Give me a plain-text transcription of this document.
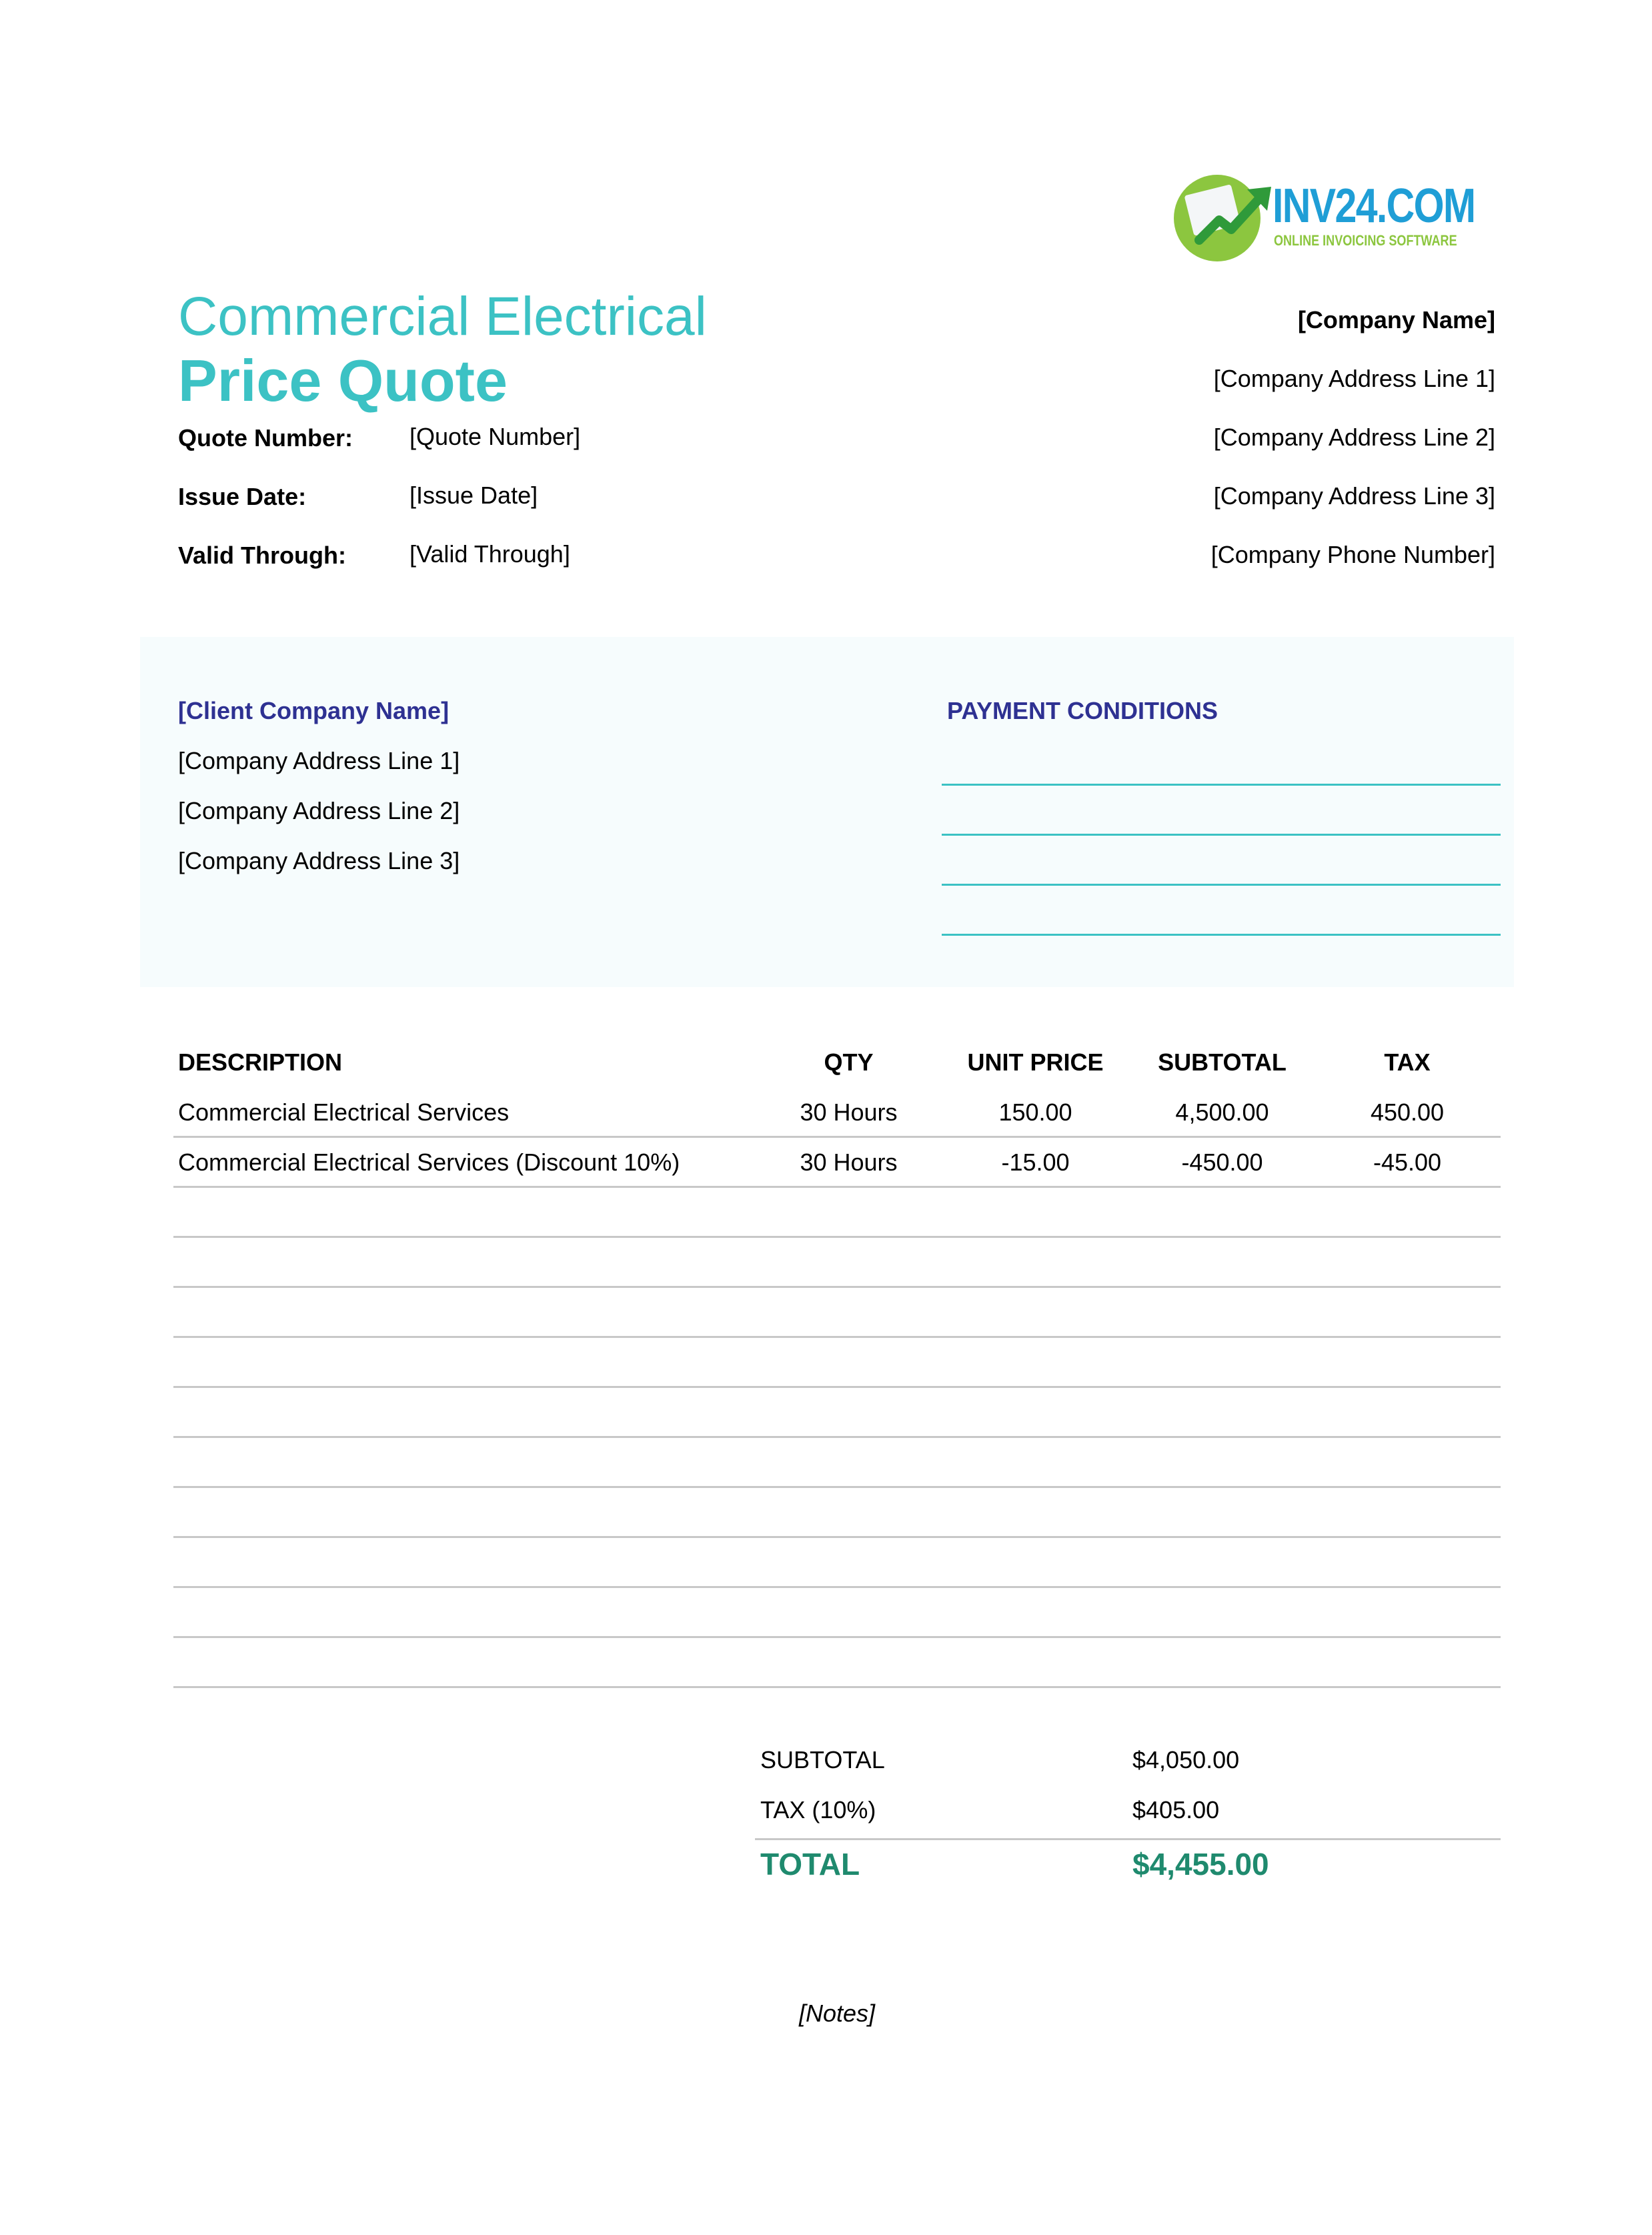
INV24.COM
ONLINE INVOICING SOFTWARE
Commercial Electrical
Price Quote
Quote Number: [Quote Number]
Issue Date:	[Issue Date]
Valid Through:	[Valid Through]
[Company Name]
[Company Address Line 1]
[Company Address Line 2]
[Company Address Line 3]
[Company Phone Number]
[Client Company Name]
[Company Address Line 1]
[Company Address Line 2]
[Company Address Line 3]
PAYMENT CONDITIONS
DESCRIPTION	QTY	UNIT PRICE	SUBTOTAL	TAX
Commercial Electrical Services	30 Hours	150.00	4,500.00	450.00
Commercial Electrical Services (Discount 10%)	30 Hours	-15.00	-450.00	-45.00
SUBTOTAL	$4,050.00
TAX (10%)	$405.00
TOTAL	$4,455.00
[Notes]
